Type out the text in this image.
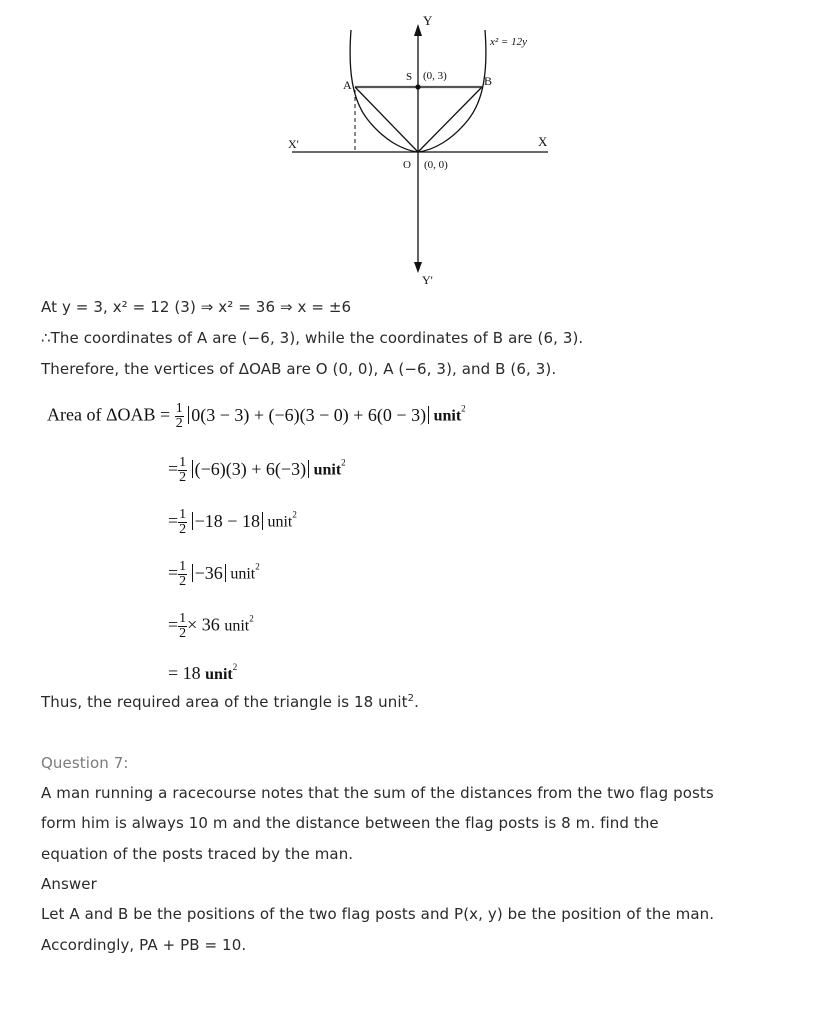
Y
Y'
X
X'
x² = 12y
A	B
S (0, 3)
O (0, 0)
At y = 3, x² = 12 (3) ⇒ x² = 36 ⇒ x = ±6
∴The coordinates of A are (−6, 3), while the coordinates of B are (6, 3).
Therefore, the vertices of ΔOAB are O (0, 0), A (−6, 3), and B (6, 3).
Area of $\Delta OAB = \frac{1}{2} 0(3 - 3) + (-6)(3 - 0) + 6(0 - 3)$ unit$^2$
= $\frac{1}{2} (-6)(3) + 6(-3)$ unit$^2$
= $\frac{1}{2} -18 - 18$ unit$^2$
= $\frac{1}{2} -36$ unit$^2$
= $\frac{1}{2} \times 36$ unit$^2$
= 18 unit$^2$
Thus, the required area of the triangle is 18 unit$^2$.
Question 7:
A man running a racecourse notes that the sum of the distances from the two flag posts
form him is always 10 m and the distance between the flag posts is 8 m. find the
equation of the posts traced by the man.
Answer
Let A and B be the positions of the two flag posts and P(x, y) be the position of the man.
Accordingly, PA + PB = 10.
